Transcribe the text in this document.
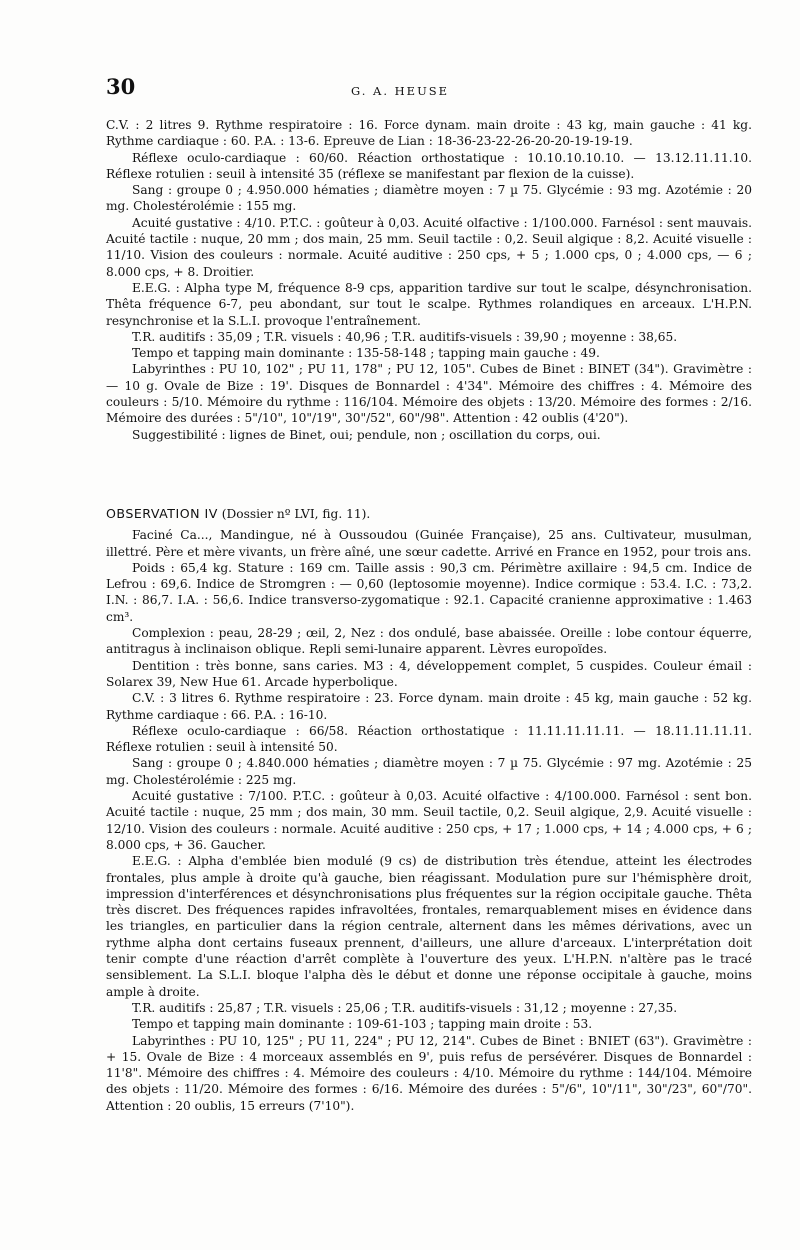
30	G. A. HEUSE

C.V. : 2 litres 9. Rythme respiratoire : 16. Force dynam. main droite : 43 kg, main gauche : 41 kg. Rythme cardiaque : 60. P.A. : 13-6. Epreuve de Lian : 18-36-23-22-26-20-20-19-19-19.

Réflexe oculo-cardiaque : 60/60. Réaction orthostatique : 10.10.10.10.10. — 13.12.11.11.10. Réflexe rotulien : seuil à intensité 35 (réflexe se manifestant par flexion de la cuisse).

Sang : groupe 0 ; 4.950.000 hématies ; diamètre moyen : 7 µ 75. Glycémie : 93 mg. Azotémie : 20 mg. Cholestérolémie : 155 mg.

Acuité gustative : 4/10. P.T.C. : goûteur à 0,03. Acuité olfactive : 1/100.000. Farnésol : sent mauvais. Acuité tactile : nuque, 20 mm ; dos main, 25 mm. Seuil tactile : 0,2. Seuil algique : 8,2. Acuité visuelle : 11/10. Vision des couleurs : normale. Acuité auditive : 250 cps, + 5 ; 1.000 cps, 0 ; 4.000 cps, — 6 ; 8.000 cps, + 8. Droitier.

E.E.G. : Alpha type M, fréquence 8-9 cps, apparition tardive sur tout le scalpe, désynchronisation. Thêta fréquence 6-7, peu abondant, sur tout le scalpe. Rythmes rolandiques en arceaux. L'H.P.N. resynchronise et la S.L.I. provoque l'entraînement.

T.R. auditifs : 35,09 ; T.R. visuels : 40,96 ; T.R. auditifs-visuels : 39,90 ; moyenne : 38,65.

Tempo et tapping main dominante : 135-58-148 ; tapping main gauche : 49.

Labyrinthes : PU 10, 102" ; PU 11, 178" ; PU 12, 105". Cubes de Binet : BINET (34"). Gravimètre : — 10 g. Ovale de Bize : 19'. Disques de Bonnardel : 4'34". Mémoire des chiffres : 4. Mémoire des couleurs : 5/10. Mémoire du rythme : 116/104. Mémoire des objets : 13/20. Mémoire des formes : 2/16. Mémoire des durées : 5"/10", 10"/19", 30"/52", 60"/98". Attention : 42 oublis (4'20").

Suggestibilité : lignes de Binet, oui; pendule, non ; oscillation du corps, oui.

OBSERVATION IV (Dossier nº LVI, fig. 11).

Faciné Ca..., Mandingue, né à Oussoudou (Guinée Française), 25 ans. Cultivateur, musulman, illettré. Père et mère vivants, un frère aîné, une sœur cadette. Arrivé en France en 1952, pour trois ans.

Poids : 65,4 kg. Stature : 169 cm. Taille assis : 90,3 cm. Périmètre axillaire : 94,5 cm. Indice de Lefrou : 69,6. Indice de Stromgren : — 0,60 (leptosomie moyenne). Indice cormique : 53.4. I.C. : 73,2. I.N. : 86,7. I.A. : 56,6. Indice transverso-zygomatique : 92.1. Capacité cranienne approximative : 1.463 cm³.

Complexion : peau, 28-29 ; œil, 2, Nez : dos ondulé, base abaissée. Oreille : lobe contour équerre, antitragus à inclinaison oblique. Repli semi-lunaire apparent. Lèvres europoïdes.

Dentition : très bonne, sans caries. M3 : 4, développement complet, 5 cuspides. Couleur émail : Solarex 39, New Hue 61. Arcade hyperbolique.

C.V. : 3 litres 6. Rythme respiratoire : 23. Force dynam. main droite : 45 kg, main gauche : 52 kg. Rythme cardiaque : 66. P.A. : 16-10.

Réflexe oculo-cardiaque : 66/58. Réaction orthostatique : 11.11.11.11.11. — 18.11.11.11.11. Réflexe rotulien : seuil à intensité 50.

Sang : groupe 0 ; 4.840.000 hématies ; diamètre moyen : 7 µ 75. Glycémie : 97 mg. Azotémie : 25 mg. Cholestérolémie : 225 mg.

Acuité gustative : 7/100. P.T.C. : goûteur à 0,03. Acuité olfactive : 4/100.000. Farnésol : sent bon. Acuité tactile : nuque, 25 mm ; dos main, 30 mm. Seuil tactile, 0,2. Seuil algique, 2,9. Acuité visuelle : 12/10. Vision des couleurs : normale. Acuité auditive : 250 cps, + 17 ; 1.000 cps, + 14 ; 4.000 cps, + 6 ; 8.000 cps, + 36. Gaucher.

E.E.G. : Alpha d'emblée bien modulé (9 cs) de distribution très étendue, atteint les électrodes frontales, plus ample à droite qu'à gauche, bien réagissant. Modulation pure sur l'hémisphère droit, impression d'interférences et désynchronisations plus fréquentes sur la région occipitale gauche. Thêta très discret. Des fréquences rapides infravoltées, frontales, remarquablement mises en évidence dans les triangles, en particulier dans la région centrale, alternent dans les mêmes dérivations, avec un rythme alpha dont certains fuseaux prennent, d'ailleurs, une allure d'arceaux. L'interprétation doit tenir compte d'une réaction d'arrêt complète à l'ouverture des yeux. L'H.P.N. n'altère pas le tracé sensiblement. La S.L.I. bloque l'alpha dès le début et donne une réponse occipitale à gauche, moins ample à droite.

T.R. auditifs : 25,87 ; T.R. visuels : 25,06 ; T.R. auditifs-visuels : 31,12 ; moyenne : 27,35.

Tempo et tapping main dominante : 109-61-103 ; tapping main droite : 53.

Labyrinthes : PU 10, 125" ; PU 11, 224" ; PU 12, 214". Cubes de Binet : BNIET (63"). Gravimètre : + 15. Ovale de Bize : 4 morceaux assemblés en 9', puis refus de persévérer. Disques de Bonnardel : 11'8". Mémoire des chiffres : 4. Mémoire des couleurs : 4/10. Mémoire du rythme : 144/104. Mémoire des objets : 11/20. Mémoire des formes : 6/16. Mémoire des durées : 5"/6", 10"/11", 30"/23", 60"/70". Attention : 20 oublis, 15 erreurs (7'10").
